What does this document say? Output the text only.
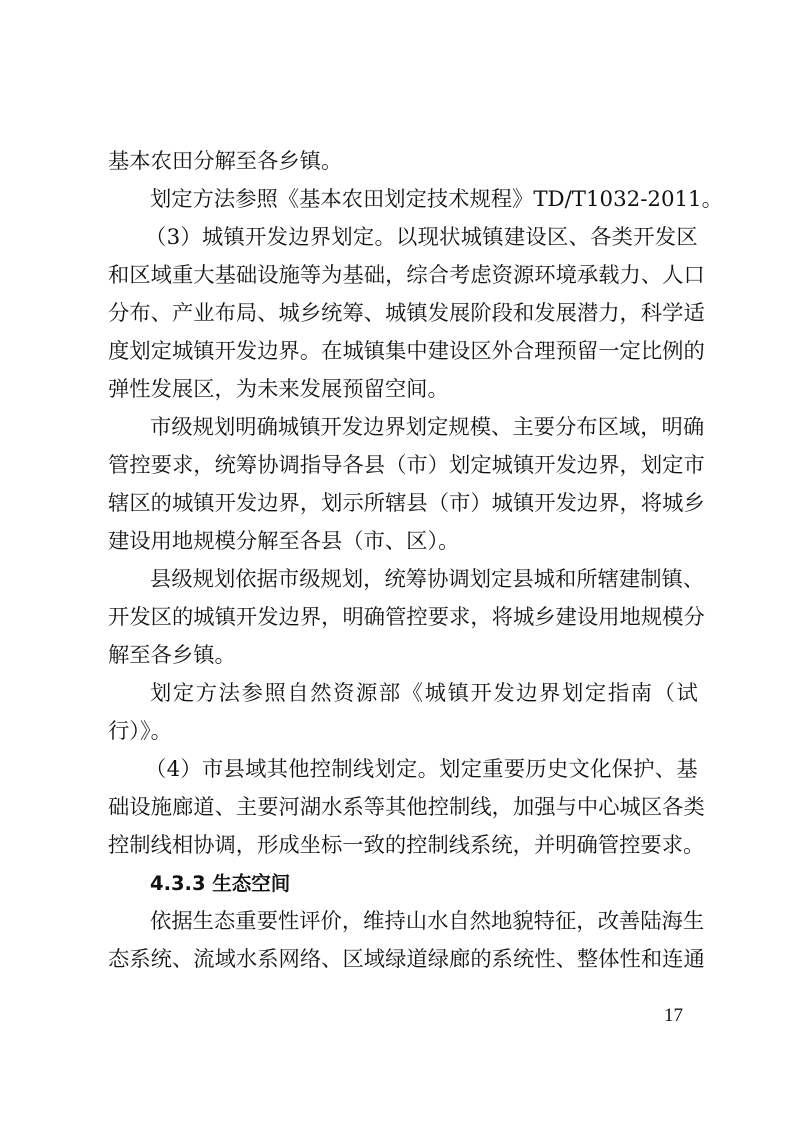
基本农田分解至各乡镇。
划定方法参照《基本农田划定技术规程》TD/T1032-2011。
（ 3 ） 城 镇 开 发 边 界 划 定 。 以 现 状 城 镇 建 设 区 、 各 类 开 发 区
和 区 域 重 大 基 础 设 施 等 为 基 础 ， 综 合 考 虑 资 源 环 境 承 载 力 、 人 口
分 布 、 产 业 布 局 、 城 乡 统 筹 、 城 镇 发 展 阶 段 和 发 展 潜 力 ， 科 学 适
度 划 定 城 镇 开 发 边 界 。 在 城 镇 集 中 建 设 区 外 合 理 预 留 一 定 比 例 的
弹性发展区，为未来发展预留空间。
市 级 规 划 明 确 城 镇 开 发 边 界 划 定 规 模 、 主 要 分 布 区 域 ， 明 确
管 控 要 求 ， 统 筹 协 调 指 导 各 县 （ 市 ） 划 定 城 镇 开 发 边 界 ， 划 定 市
辖 区 的 城 镇 开 发 边 界 ， 划 示 所 辖 县 （ 市 ） 城 镇 开 发 边 界 ， 将 城 乡
建设用地规模分解至各县（市、区）。
县 级 规 划 依 据 市 级 规 划 ， 统 筹 协 调 划 定 县 城 和 所 辖 建 制 镇 、
开 发 区 的 城 镇 开 发 边 界 ， 明 确 管 控 要 求 ， 将 城 乡 建 设 用 地 规 模 分
解至各乡镇。
划 定 方 法 参 照 自 然 资 源 部 《 城 镇 开 发 边 界 划 定 指 南 （ 试
行）》。
（ 4 ） 市 县 域 其 他 控 制 线 划 定 。 划 定 重 要 历 史 文 化 保 护 、 基
础 设 施 廊 道 、 主 要 河 湖 水 系 等 其 他 控 制 线 ， 加 强 与 中 心 城 区 各 类
控制线相协调，形成坐标一致的控制线系统，并明确管控要求。
4.3.3 生态空间
依 据 生 态 重 要 性 评 价 ， 维 持 山 水 自 然 地 貌 特 征 ， 改 善 陆 海 生
态 系 统 、 流 域 水 系 网 络 、 区 域 绿 道 绿 廊 的 系 统 性 、 整 体 性 和 连 通
17
